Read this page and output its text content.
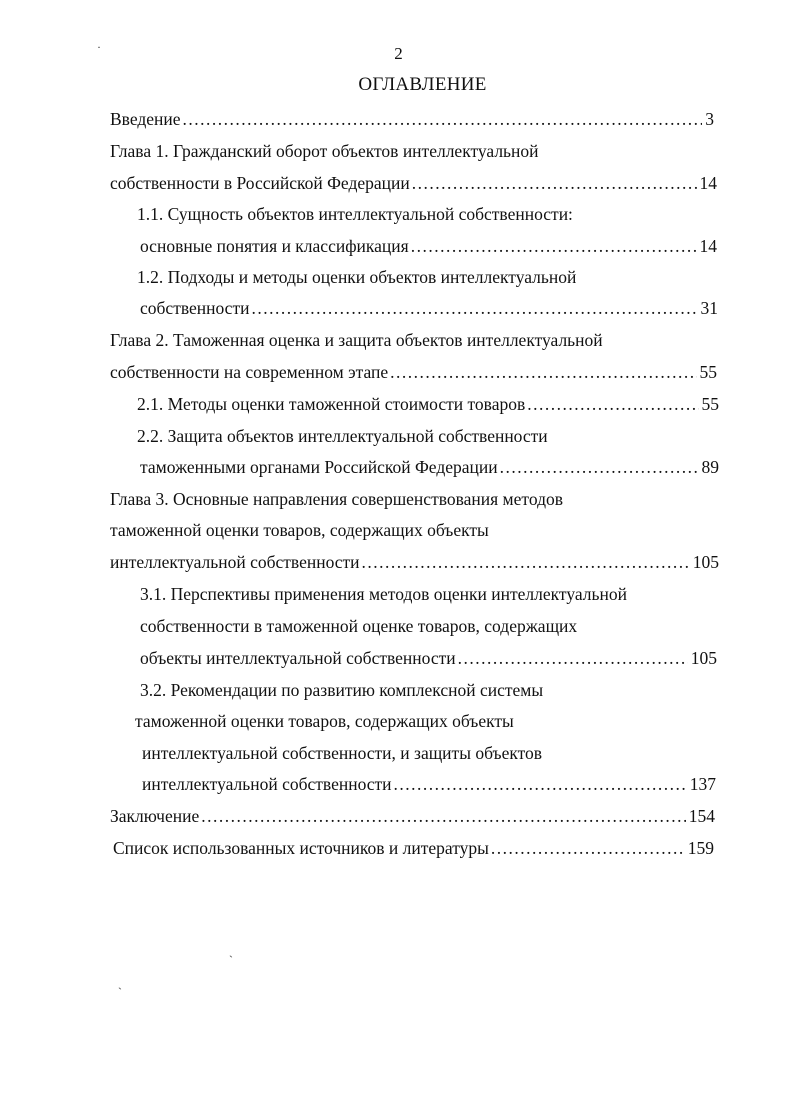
2
ОГЛАВЛЕНИЕ
Введение .....	3
Глава 1. Гражданский оборот объектов интеллектуальной
собственности в Российской Федерации .....	14
1.1. Сущность объектов интеллектуальной собственности:
основные понятия и классификация .....	14
1.2. Подходы и методы оценки объектов интеллектуальной
собственности .....	31
Глава 2. Таможенная оценка и защита объектов интеллектуальной
собственности на современном этапе .....	55
2.1. Методы оценки таможенной стоимости товаров .....	55
2.2. Защита объектов интеллектуальной собственности
таможенными органами Российской Федерации .....	89
Глава 3. Основные направления совершенствования методов
таможенной оценки товаров, содержащих объекты
интеллектуальной собственности .....	105
3.1. Перспективы применения методов оценки интеллектуальной
собственности в таможенной оценке товаров, содержащих
объекты интеллектуальной собственности .....	105
3.2. Рекомендации по развитию комплексной системы
таможенной оценки товаров, содержащих объекты
интеллектуальной собственности, и защиты объектов
интеллектуальной собственности .....	137
Заключение .....	154
Список использованных источников и литературы .....	159
·
ˏ
ˋ
